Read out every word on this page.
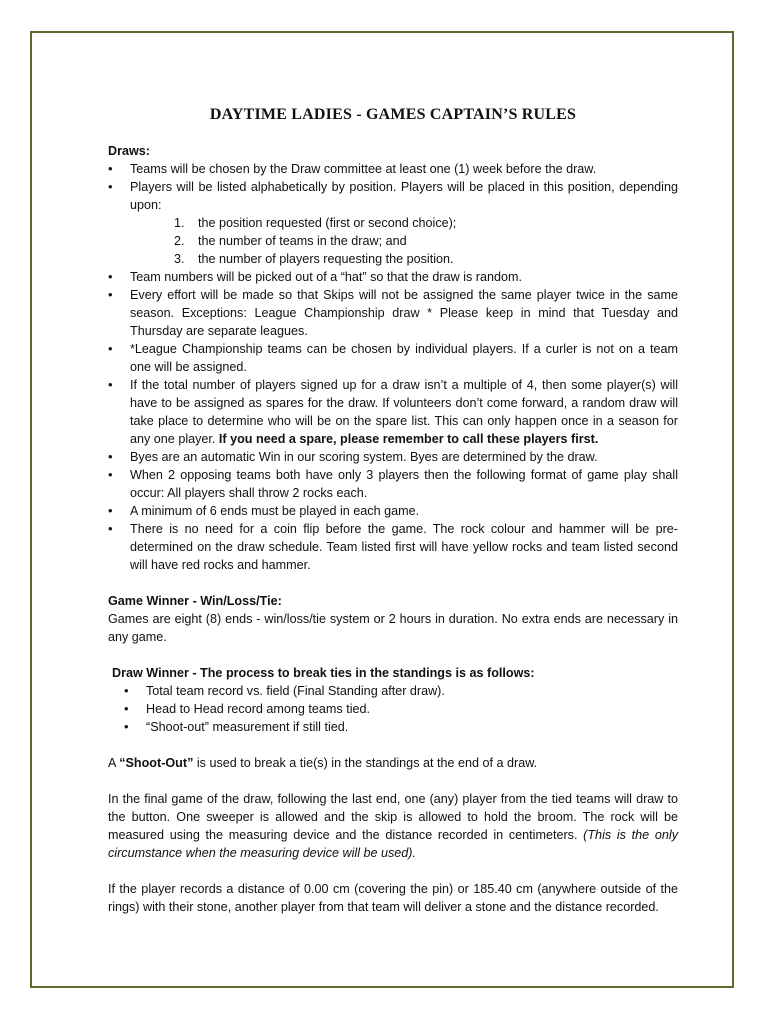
DAYTIME LADIES - GAMES CAPTAIN’S RULES
Draws:
• Teams will be chosen by the Draw committee at least one (1) week before the draw.
• Players will be listed alphabetically by position. Players will be placed in this position, depending upon:
1. the position requested (first or second choice);
2. the number of teams in the draw; and
3. the number of players requesting the position.
• Team numbers will be picked out of a “hat” so that the draw is random.
• Every effort will be made so that Skips will not be assigned the same player twice in the same season. Exceptions: League Championship draw * Please keep in mind that Tuesday and Thursday are separate leagues.
• *League Championship teams can be chosen by individual players. If a curler is not on a team one will be assigned.
• If the total number of players signed up for a draw isn’t a multiple of 4, then some player(s) will have to be assigned as spares for the draw. If volunteers don’t come forward, a random draw will take place to determine who will be on the spare list. This can only happen once in a season for any one player. If you need a spare, please remember to call these players first.
• Byes are an automatic Win in our scoring system. Byes are determined by the draw.
• When 2 opposing teams both have only 3 players then the following format of game play shall occur: All players shall throw 2 rocks each.
• A minimum of 6 ends must be played in each game.
• There is no need for a coin flip before the game. The rock colour and hammer will be pre-determined on the draw schedule. Team listed first will have yellow rocks and team listed second will have red rocks and hammer.
Game Winner - Win/Loss/Tie:
Games are eight (8) ends - win/loss/tie system or 2 hours in duration. No extra ends are necessary in any game.
Draw Winner - The process to break ties in the standings is as follows:
• Total team record vs. field (Final Standing after draw).
• Head to Head record among teams tied.
• “Shoot-out” measurement if still tied.
A “Shoot-Out” is used to break a tie(s) in the standings at the end of a draw.
In the final game of the draw, following the last end, one (any) player from the tied teams will draw to the button. One sweeper is allowed and the skip is allowed to hold the broom. The rock will be measured using the measuring device and the distance recorded in centimeters. (This is the only circumstance when the measuring device will be used).
If the player records a distance of 0.00 cm (covering the pin) or 185.40 cm (anywhere outside of the rings) with their stone, another player from that team will deliver a stone and the distance recorded.
